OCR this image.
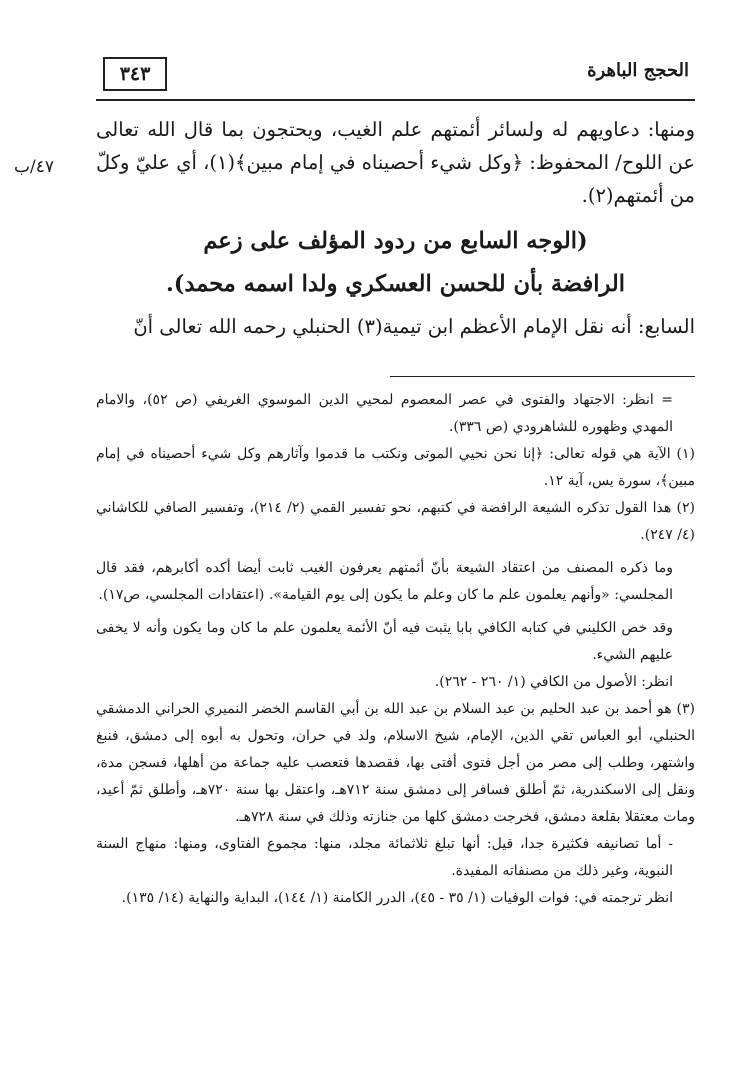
٣٤٣	الحجج الباهرة
٤٧/ب

ومنها: دعاويهم له ولسائر أئمتهم علم الغيب، ويحتجون بما قال الله تعالى عن اللوح/ المحفوظ: ﴿وكل شيء أحصيناه في إمام مبين﴾(١)، أي عليّ وكلّ من أئمتهم(٢).

(الوجه السابع من ردود المؤلف على زعم
الرافضة بأن للحسن العسكري ولدا اسمه محمد).

السابع: أنه نقل الإمام الأعظم ابن تيمية(٣) الحنبلي رحمه الله تعالى أنّ

= انظر: الاجتهاد والفتوى في عصر المعصوم لمحيي الدين الموسوي الغريفي (ص ٥٢)، والامام المهدي وظهوره للشاهرودي (ص ٣٣٦).

(١) الآية هي قوله تعالى: ﴿إنا نحن نحيي الموتى ونكتب ما قدموا وآثارهم وكل شيء أحصيناه في إمام مبين﴾، سورة يس، آية ١٢.

(٢) هذا القول تذكره الشيعة الرافضة في كتبهم، نحو تفسير القمي (٢/ ٢١٤)، وتفسير الصافي للكاشاني (٤/ ٢٤٧).

وما ذكره المصنف من اعتقاد الشيعة بأنّ أئمتهم يعرفون الغيب ثابت أيضا أكده أكابرهم، فقد قال المجلسي: «وأنهم يعلمون علم ما كان وعلم ما يكون إلى يوم القيامة». (اعتقادات المجلسي، ص١٧).

وقد خص الكليني في كتابه الكافي بابا يثبت فيه أنّ الأئمة يعلمون علم ما كان وما يكون وأنه لا يخفى عليهم الشيء.

انظر: الأصول من الكافي (١/ ٢٦٠ - ٢٦٢).

(٣) هو أحمد بن عبد الحليم بن عبد السلام بن عبد الله بن أبي القاسم الخضر النميري الحراني الدمشقي الحنبلي، أبو العباس تقي الدين، الإمام، شيخ الاسلام، ولد في حران، وتحول به أبوه إلى دمشق، فنبغ واشتهر، وطلب إلى مصر من أجل فتوى أفتى بها، فقصدها فتعصب عليه جماعة من أهلها، فسجن مدة، ونقل إلى الاسكندرية، ثمّ أطلق فسافر إلى دمشق سنة ٧١٢هـ، واعتقل بها سنة ٧٢٠هـ، وأطلق ثمّ أعيد، ومات معتقلا بقلعة دمشق، فخرجت دمشق كلها من جنازته وذلك في سنة ٧٢٨هـ.

- أما تصانيفه فكثيرة جدا، قيل: أنها تبلغ ثلاثمائة مجلد، منها: مجموع الفتاوى، ومنها: منهاج السنة النبوية، وغير ذلك من مصنفاته المفيدة.

انظر ترجمته في: فوات الوفيات (١/ ٣٥ - ٤٥)، الدرر الكامنة (١/ ١٤٤)، البداية والنهاية (١٤/ ١٣٥).
